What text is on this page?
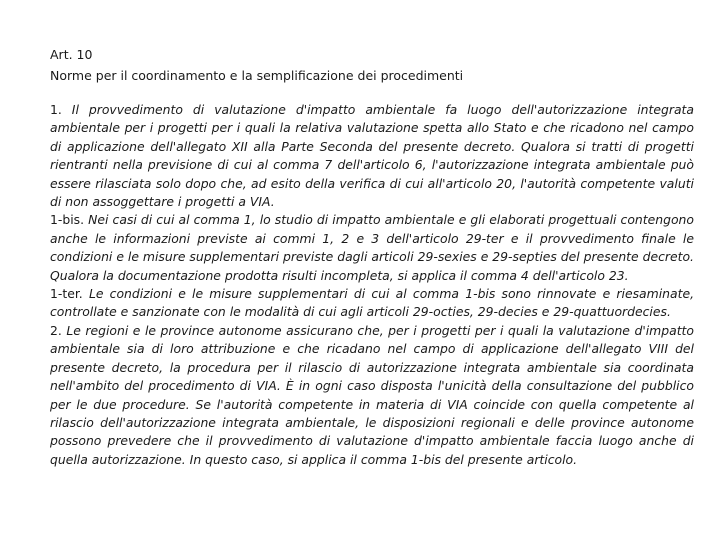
Art. 10

Norme per il coordinamento e la semplificazione dei procedimenti

1. Il provvedimento di valutazione d'impatto ambientale fa luogo dell'autorizzazione integrata ambientale per i progetti per i quali la relativa valutazione spetta allo Stato e che ricadono nel campo di applicazione dell'allegato XII alla Parte Seconda del presente decreto. Qualora si tratti di progetti rientranti nella previsione di cui al comma 7 dell'articolo 6, l'autorizzazione integrata ambientale può essere rilasciata solo dopo che, ad esito della verifica di cui all'articolo 20, l'autorità competente valuti di non assoggettare i progetti a VIA.

1-bis. Nei casi di cui al comma 1, lo studio di impatto ambientale e gli elaborati progettuali contengono anche le informazioni previste ai commi 1, 2 e 3 dell'articolo 29-ter e il provvedimento finale le condizioni e le misure supplementari previste dagli articoli 29-sexies e 29-septies del presente decreto. Qualora la documentazione prodotta risulti incompleta, si applica il comma 4 dell'articolo 23.

1-ter. Le condizioni e le misure supplementari di cui al comma 1-bis sono rinnovate e riesaminate, controllate e sanzionate con le modalità di cui agli articoli 29-octies, 29-decies e 29-quattuordecies.

2. Le regioni e le province autonome assicurano che, per i progetti per i quali la valutazione d'impatto ambientale sia di loro attribuzione e che ricadano nel campo di applicazione dell'allegato VIII del presente decreto, la procedura per il rilascio di autorizzazione integrata ambientale sia coordinata nell'ambito del procedimento di VIA. È in ogni caso disposta l'unicità della consultazione del pubblico per le due procedure. Se l'autorità competente in materia di VIA coincide con quella competente al rilascio dell'autorizzazione integrata ambientale, le disposizioni regionali e delle province autonome possono prevedere che il provvedimento di valutazione d'impatto ambientale faccia luogo anche di quella autorizzazione. In questo caso, si applica il comma 1-bis del presente articolo.
